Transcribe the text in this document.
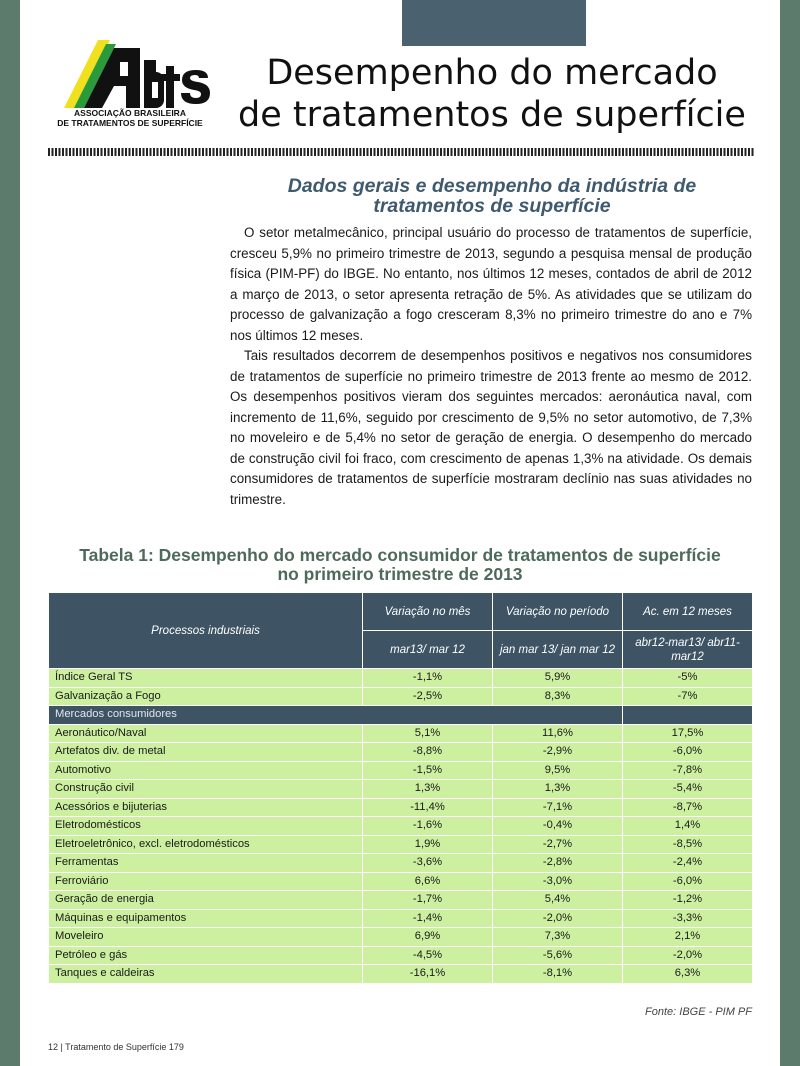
ASSOCIAÇÃO BRASILEIRA
DE TRATAMENTOS DE SUPERFÍCIE
Desempenho do mercado
de tratamentos de superfície
Dados gerais e desempenho da indústria de
tratamentos de superfície

O setor metalmecânico, principal usuário do processo de tratamentos de superfície, cresceu 5,9% no primeiro trimestre de 2013, segundo a pesquisa mensal de produção física (PIM-PF) do IBGE. No entanto, nos últimos 12 meses, contados de abril de 2012 a março de 2013, o setor apresenta retração de 5%. As atividades que se utilizam do processo de galvanização a fogo cresceram 8,3% no primeiro trimestre do ano e 7% nos últimos 12 meses.

Tais resultados decorrem de desempenhos positivos e negativos nos consumidores de tratamentos de superfície no primeiro trimestre de 2013 frente ao mesmo de 2012. Os desempenhos positivos vieram dos seguintes mercados: aeronáutica naval, com incremento de 11,6%, seguido por crescimento de 9,5% no setor automotivo, de 7,3% no moveleiro e de 5,4% no setor de geração de energia. O desempenho do mercado de construção civil foi fraco, com crescimento de apenas 1,3% na atividade. Os demais consumidores de tratamentos de superfície mostraram declínio nas suas atividades no trimestre.

Tabela 1: Desempenho do mercado consumidor de tratamentos de superfície
no primeiro trimestre de 2013
Processos industriais	Variação no mês	Variação no período	Ac. em 12 meses
	mar13/ mar 12	jan mar 13/ jan mar 12	abr12-mar13/ abr11-mar12
Índice Geral TS	-1,1%	5,9%	-5%
Galvanização a Fogo	-2,5%	8,3%	-7%
Mercados consumidores			
Aeronáutico/Naval	5,1%	11,6%	17,5%
Artefatos div. de metal	-8,8%	-2,9%	-6,0%
Automotivo	-1,5%	9,5%	-7,8%
Construção civil	1,3%	1,3%	-5,4%
Acessórios e bijuterias	-11,4%	-7,1%	-8,7%
Eletrodomésticos	-1,6%	-0,4%	1,4%
Eletroeletrônico, excl. eletrodomésticos	1,9%	-2,7%	-8,5%
Ferramentas	-3,6%	-2,8%	-2,4%
Ferroviário	6,6%	-3,0%	-6,0%
Geração de energia	-1,7%	5,4%	-1,2%
Máquinas e equipamentos	-1,4%	-2,0%	-3,3%
Moveleiro	6,9%	7,3%	2,1%
Petróleo e gás	-4,5%	-5,6%	-2,0%
Tanques e caldeiras	-16,1%	-8,1%	6,3%
Fonte: IBGE - PIM PF
12 | Tratamento de Superfície 179
